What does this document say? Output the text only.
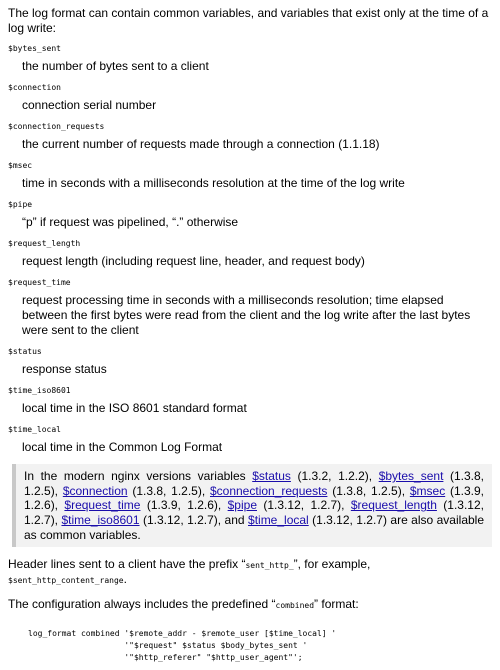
The log format can contain common variables, and variables that exist only at the time of a log write:

$bytes_sent
the number of bytes sent to a client
$connection
connection serial number
$connection_requests
the current number of requests made through a connection (1.1.18)
$msec
time in seconds with a milliseconds resolution at the time of the log write
$pipe
“p” if request was pipelined, “.” otherwise
$request_length
request length (including request line, header, and request body)
$request_time
request processing time in seconds with a milliseconds resolution; time elapsed between the first bytes were read from the client and the log write after the last bytes were sent to the client
$status
response status
$time_iso8601
local time in the ISO 8601 standard format
$time_local
local time in the Common Log Format
In the modern nginx versions variables $status (1.3.2, 1.2.2), $bytes_sent (1.3.8, 1.2.5), $connection (1.3.8, 1.2.5), $connection_requests (1.3.8, 1.2.5), $msec (1.3.9, 1.2.6), $request_time (1.3.9, 1.2.6), $pipe (1.3.12, 1.2.7), $request_length (1.3.12, 1.2.7), $time_iso8601 (1.3.12, 1.2.7), and $time_local (1.3.12, 1.2.7) are also available as common variables.

Header lines sent to a client have the prefix “sent_http_”, for example, $sent_http_content_range.

The configuration always includes the predefined “combined” format:

log_format combined '$remote_addr - $remote_user [$time_local] '
'"$request" $status $body_bytes_sent '
'"$http_referer" "$http_user_agent"';
